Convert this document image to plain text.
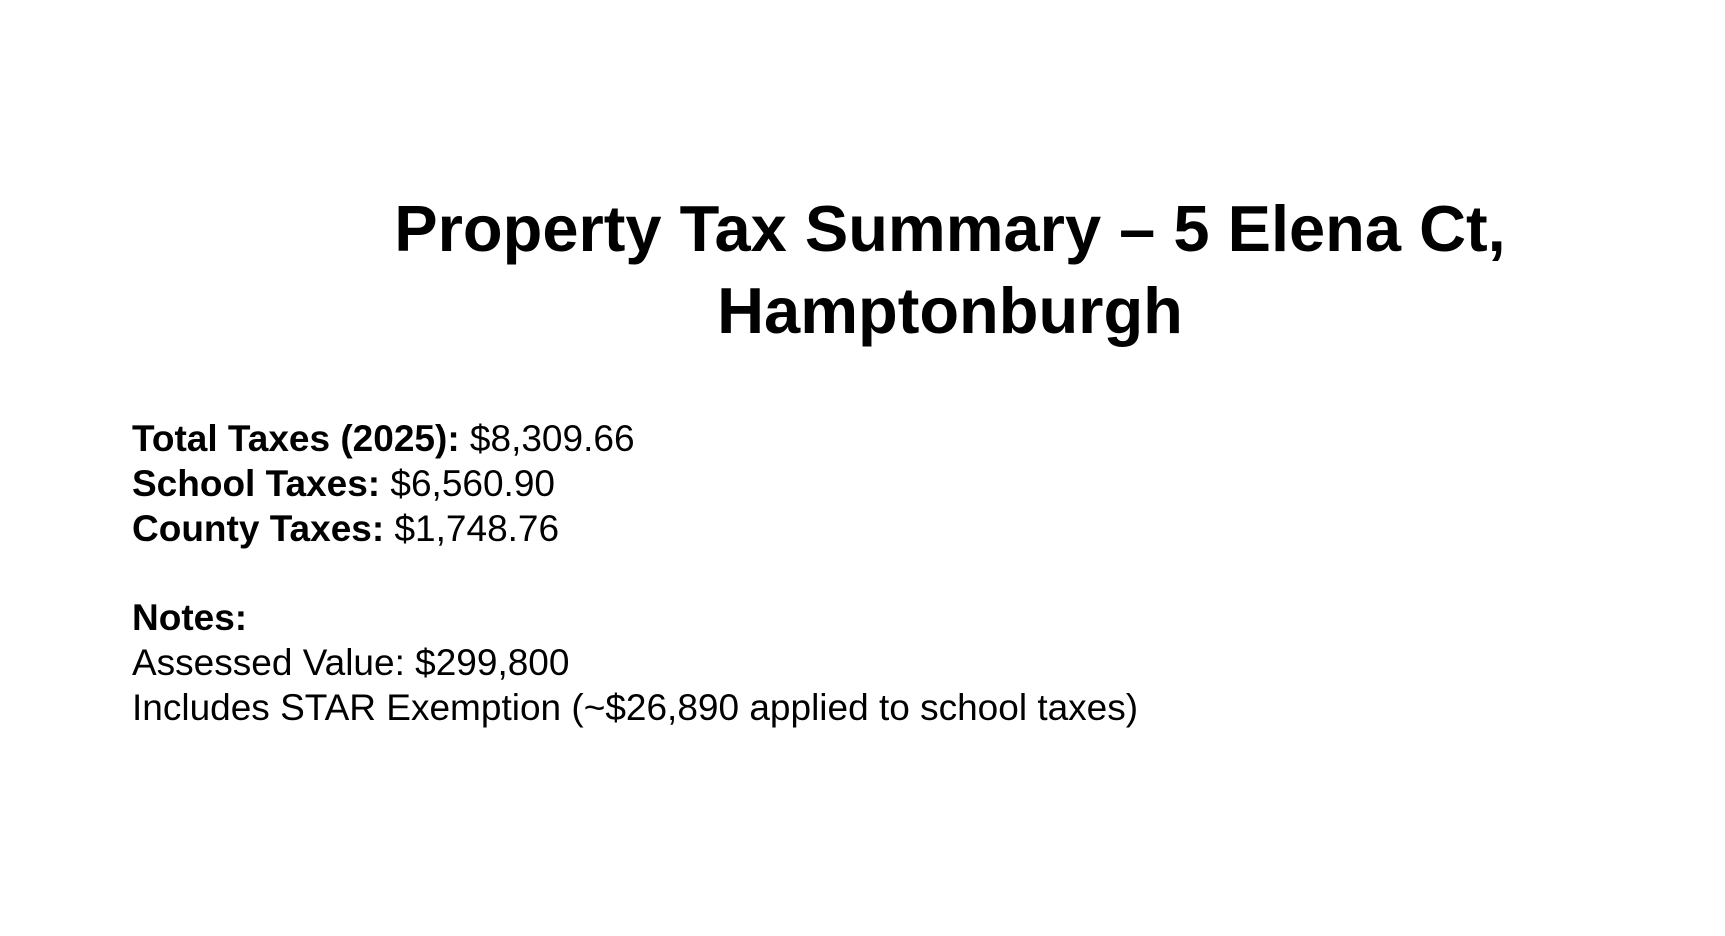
Property Tax Summary – 5 Elena Ct,
Hamptonburgh
Total Taxes (2025): $8,309.66
School Taxes: $6,560.90
County Taxes: $1,748.76
Notes:
Assessed Value: $299,800
Includes STAR Exemption (~$26,890 applied to school taxes)
